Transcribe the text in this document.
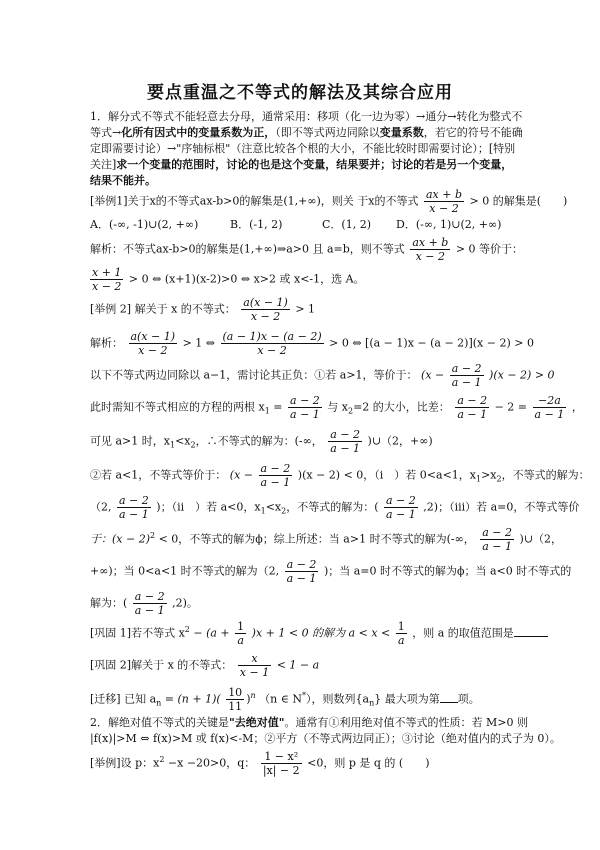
要点重温之不等式的解法及其综合应用
1．解分式不等式不能轻意去分母，通常采用：移项（化一边为零）→通分→转化为整式不
等式→化所有因式中的变量系数为正，（即不等式两边同除以变量系数，若它的符号不能确
定即需要讨论）→"序轴标根"（注意比较各个根的大小，不能比较时即需要讨论）；[特别
关注]求一个变量的范围时，讨论的也是这个变量，结果要并；讨论的若是另一个变量，
结果不能并。
[举例1]关于x的不等式ax-b>0的解集是(1,+∞)，则关 于x的不等式 $\frac{ax + b}{x - 2} > 0$ 的解集是(　　)
A．(-∞, -1)∪(2, +∞)	B．(-1, 2)	C．(1, 2) D．(-∞, 1)∪(2, +∞)
解析：不等式ax-b>0的解集是(1,+∞)⇒a>0 且 a=b，则不等式 $\frac{ax + b}{x - 2} > 0$ 等价于：
$\frac{x + 1}{x - 2} > 0$ ⇔ (x+1)(x-2)>0 ⇔ x>2 或 x<-1，选 A。
[举例 2] 解关于 x 的不等式： $\frac{a(x - 1)}{x - 2} > 1$
解析： $\frac{a(x - 1)}{x - 2} > 1$ ⇔ $\frac{(a - 1)x - (a - 2)}{x - 2} > 0$ ⇔ [(a − 1)x − (a − 2)](x − 2) > 0
以下不等式两边同除以 a−1，需讨论其正负：①若 a>1，等价于： $(x - \frac{a - 2}{a - 1} )(x - 2) > 0$
此时需知不等式相应的方程的两根 $x_1 = \frac{a - 2}{a - 1}$ 与 $x_2=2$ 的大小，比差： $\frac{a - 2}{a - 1} - 2 = \frac{-2a}{a - 1}$ ，
可见 a>1 时，$x_1<x_2$，∴不等式的解为：(-∞， $\frac{a - 2}{a - 1}$ )∪（2，+∞)
②若 a<1，不等式等价于： $(x - \frac{a - 2}{a - 1} )(x - 2) < 0$，（i　）若 0<a<1，$x_1>x_2$，不等式的解为：
（2, $\frac{a - 2}{a - 1}$ )；（ii　）若 a<0，$x_1<x_2$，不等式的解为：( $\frac{a - 2}{a - 1} ,2$)；（iii）若 a=0，不等式等价
于：$(x - 2)^2 < 0$，不等式的解为ϕ；综上所述：当 a>1 时不等式的解为(-∞， $\frac{a - 2}{a - 1}$ )∪（2，
+∞)；当 0<a<1 时不等式的解为（2, $\frac{a - 2}{a - 1}$ )；当 a=0 时不等式的解为ϕ；当 a<0 时不等式的
解为：( $\frac{a - 2}{a - 1} ,2$)。
[巩固 1]若不等式 $x^2 - (a + \frac{1}{a} )x + 1 < 0$ 的解为 $a < x < \frac{1}{a}$ ，则 a 的取值范围是
[巩固 2]解关于 x 的不等式： $\frac{x}{x - 1} < 1 - a$
[迁移] 已知 $a_n = (n + 1)( \frac{10}{11} )^n$ （n ∈ N*），则数列$\{a_n\}$ 最大项为第 项。
2．解绝对值不等式的关键是"去绝对值"。通常有①利用绝对值不等式的性质：若 M>0 则
|f(x)|>M ⇔ f(x)>M 或 f(x)<-M；②平方（不等式两边同正）；③讨论（绝对值内的式子为 0）。
[举例]设 p：$x^2 -x -20>0$，q： $\frac{\text{1 − x²}}{|x| - 2} <0$，则 p 是 q 的 (　　)
